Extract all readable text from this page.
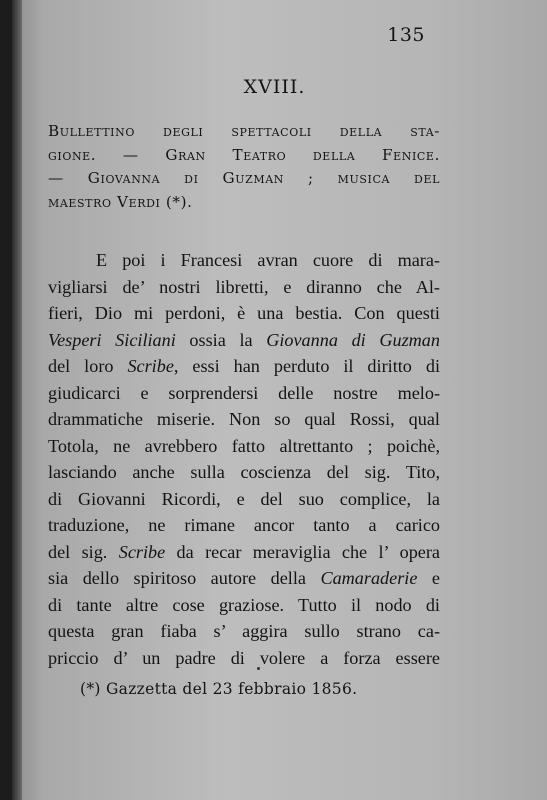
135
XVIII.
Bullettino degli spettacoli della sta-
gione. — Gran Teatro della Fenice.
— Giovanna di Guzman ; musica del
maestro Verdi (*).
E poi i Francesi avran cuore di mara-
vigliarsi de’ nostri libretti, e diranno che Al-
fieri, Dio mi perdoni, è una bestia. Con questi
Vesperi Siciliani ossia la Giovanna di Guzman
del loro Scribe, essi han perduto il diritto di
giudicarci e sorprendersi delle nostre melo-
drammatiche miserie. Non so qual Rossi, qual
Totola, ne avrebbero fatto altrettanto ; poichè,
lasciando anche sulla coscienza del sig. Tito,
di Giovanni Ricordi, e del suo complice, la
traduzione, ne rimane ancor tanto a carico
del sig. Scribe da recar meraviglia che l’ opera
sia dello spiritoso autore della Camaraderie e
di tante altre cose graziose. Tutto il nodo di
questa gran fiaba s’ aggira sullo strano ca-
priccio d’ un padre di volere a forza essere
(*) Gazzetta del 23 febbraio 1856.
